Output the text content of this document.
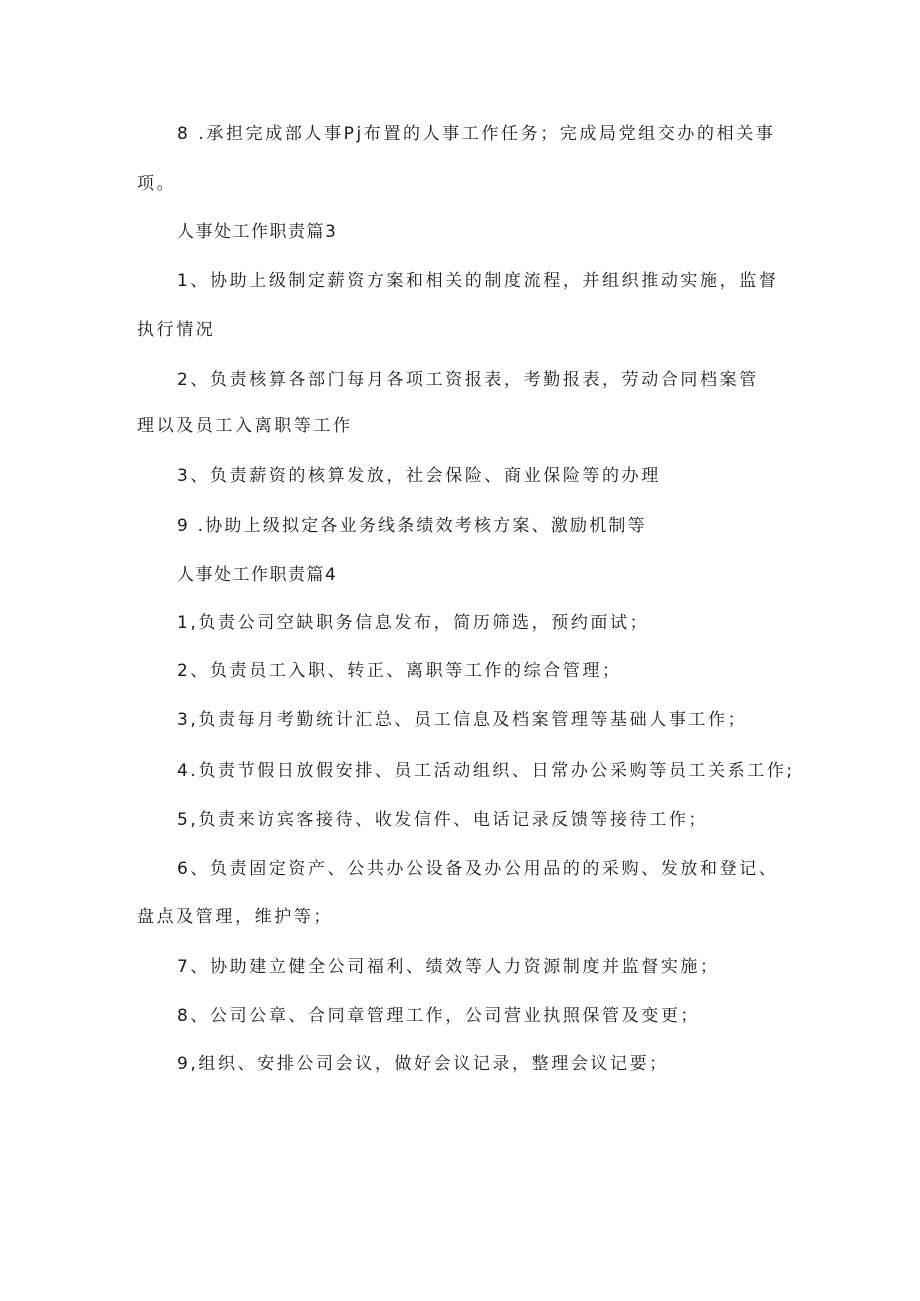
8 .承担完成部人事Pj布置的人事工作任务；完成局党组交办的相关事
项。
人事处工作职责篇3
1、协助上级制定薪资方案和相关的制度流程，并组织推动实施，监督
执行情况
2、负责核算各部门每月各项工资报表，考勤报表，劳动合同档案管
理以及员工入离职等工作
3、负责薪资的核算发放，社会保险、商业保险等的办理
9 .协助上级拟定各业务线条绩效考核方案、激励机制等
人事处工作职责篇4
1,负责公司空缺职务信息发布，简历筛选，预约面试；
2、负责员工入职、转正、离职等工作的综合管理；
3,负责每月考勤统计汇总、员工信息及档案管理等基础人事工作；
4.负责节假日放假安排、员工活动组织、日常办公采购等员工关系工作;
5,负责来访宾客接待、收发信件、电话记录反馈等接待工作；
6、负责固定资产、公共办公设备及办公用品的的采购、发放和登记、
盘点及管理，维护等；
7、协助建立健全公司福利、绩效等人力资源制度并监督实施；
8、公司公章、合同章管理工作，公司营业执照保管及变更；
9,组织、安排公司会议，做好会议记录，整理会议记要；
